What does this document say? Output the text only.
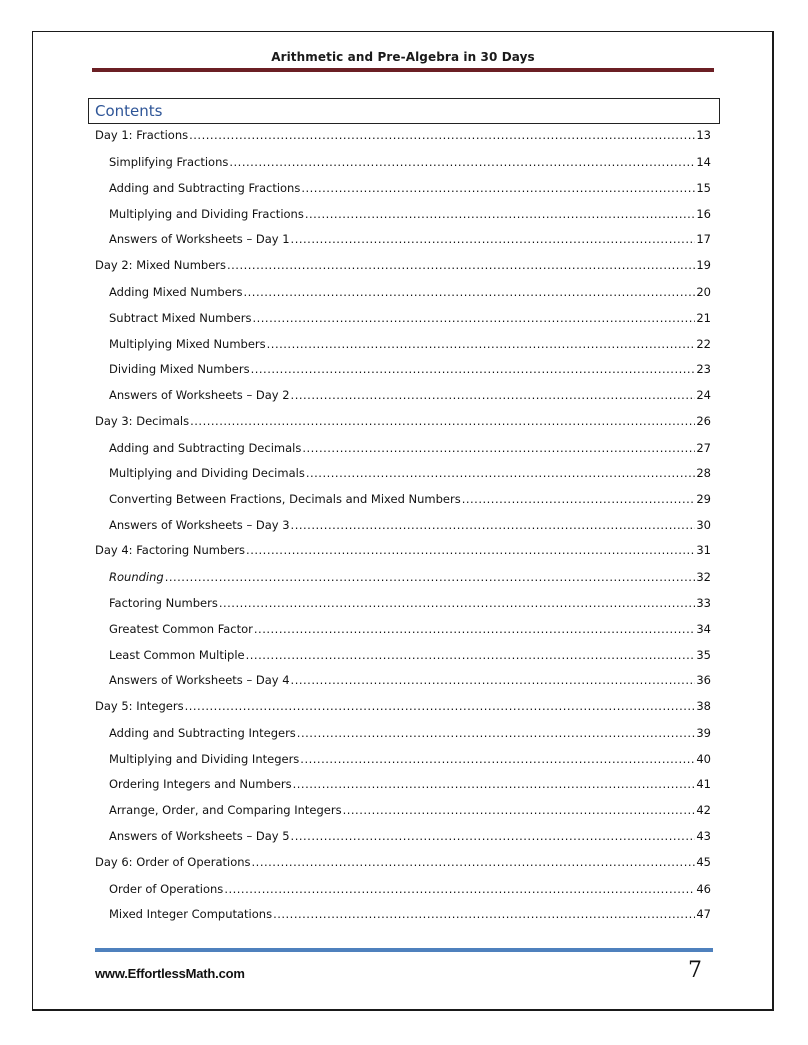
Arithmetic and Pre-Algebra in 30 Days
Contents
Day 1: Fractions .....	13
Simplifying Fractions .....	14
Adding and Subtracting Fractions .....	15
Multiplying and Dividing Fractions .....	16
Answers of Worksheets – Day 1 .....	17
Day 2: Mixed Numbers .....	19
Adding Mixed Numbers .....	20
Subtract Mixed Numbers .....	21
Multiplying Mixed Numbers .....	22
Dividing Mixed Numbers .....	23
Answers of Worksheets – Day 2 .....	24
Day 3: Decimals .....	26
Adding and Subtracting Decimals .....	27
Multiplying and Dividing Decimals .....	28
Converting Between Fractions, Decimals and Mixed Numbers .....	29
Answers of Worksheets – Day 3 .....	30
Day 4: Factoring Numbers .....	31
Rounding .....	32
Factoring Numbers .....	33
Greatest Common Factor .....	34
Least Common Multiple .....	35
Answers of Worksheets – Day 4 .....	36
Day 5: Integers .....	38
Adding and Subtracting Integers .....	39
Multiplying and Dividing Integers .....	40
Ordering Integers and Numbers .....	41
Arrange, Order, and Comparing Integers .....	42
Answers of Worksheets – Day 5 .....	43
Day 6: Order of Operations .....	45
Order of Operations .....	46
Mixed Integer Computations .....	47
www.EffortlessMath.com	7
